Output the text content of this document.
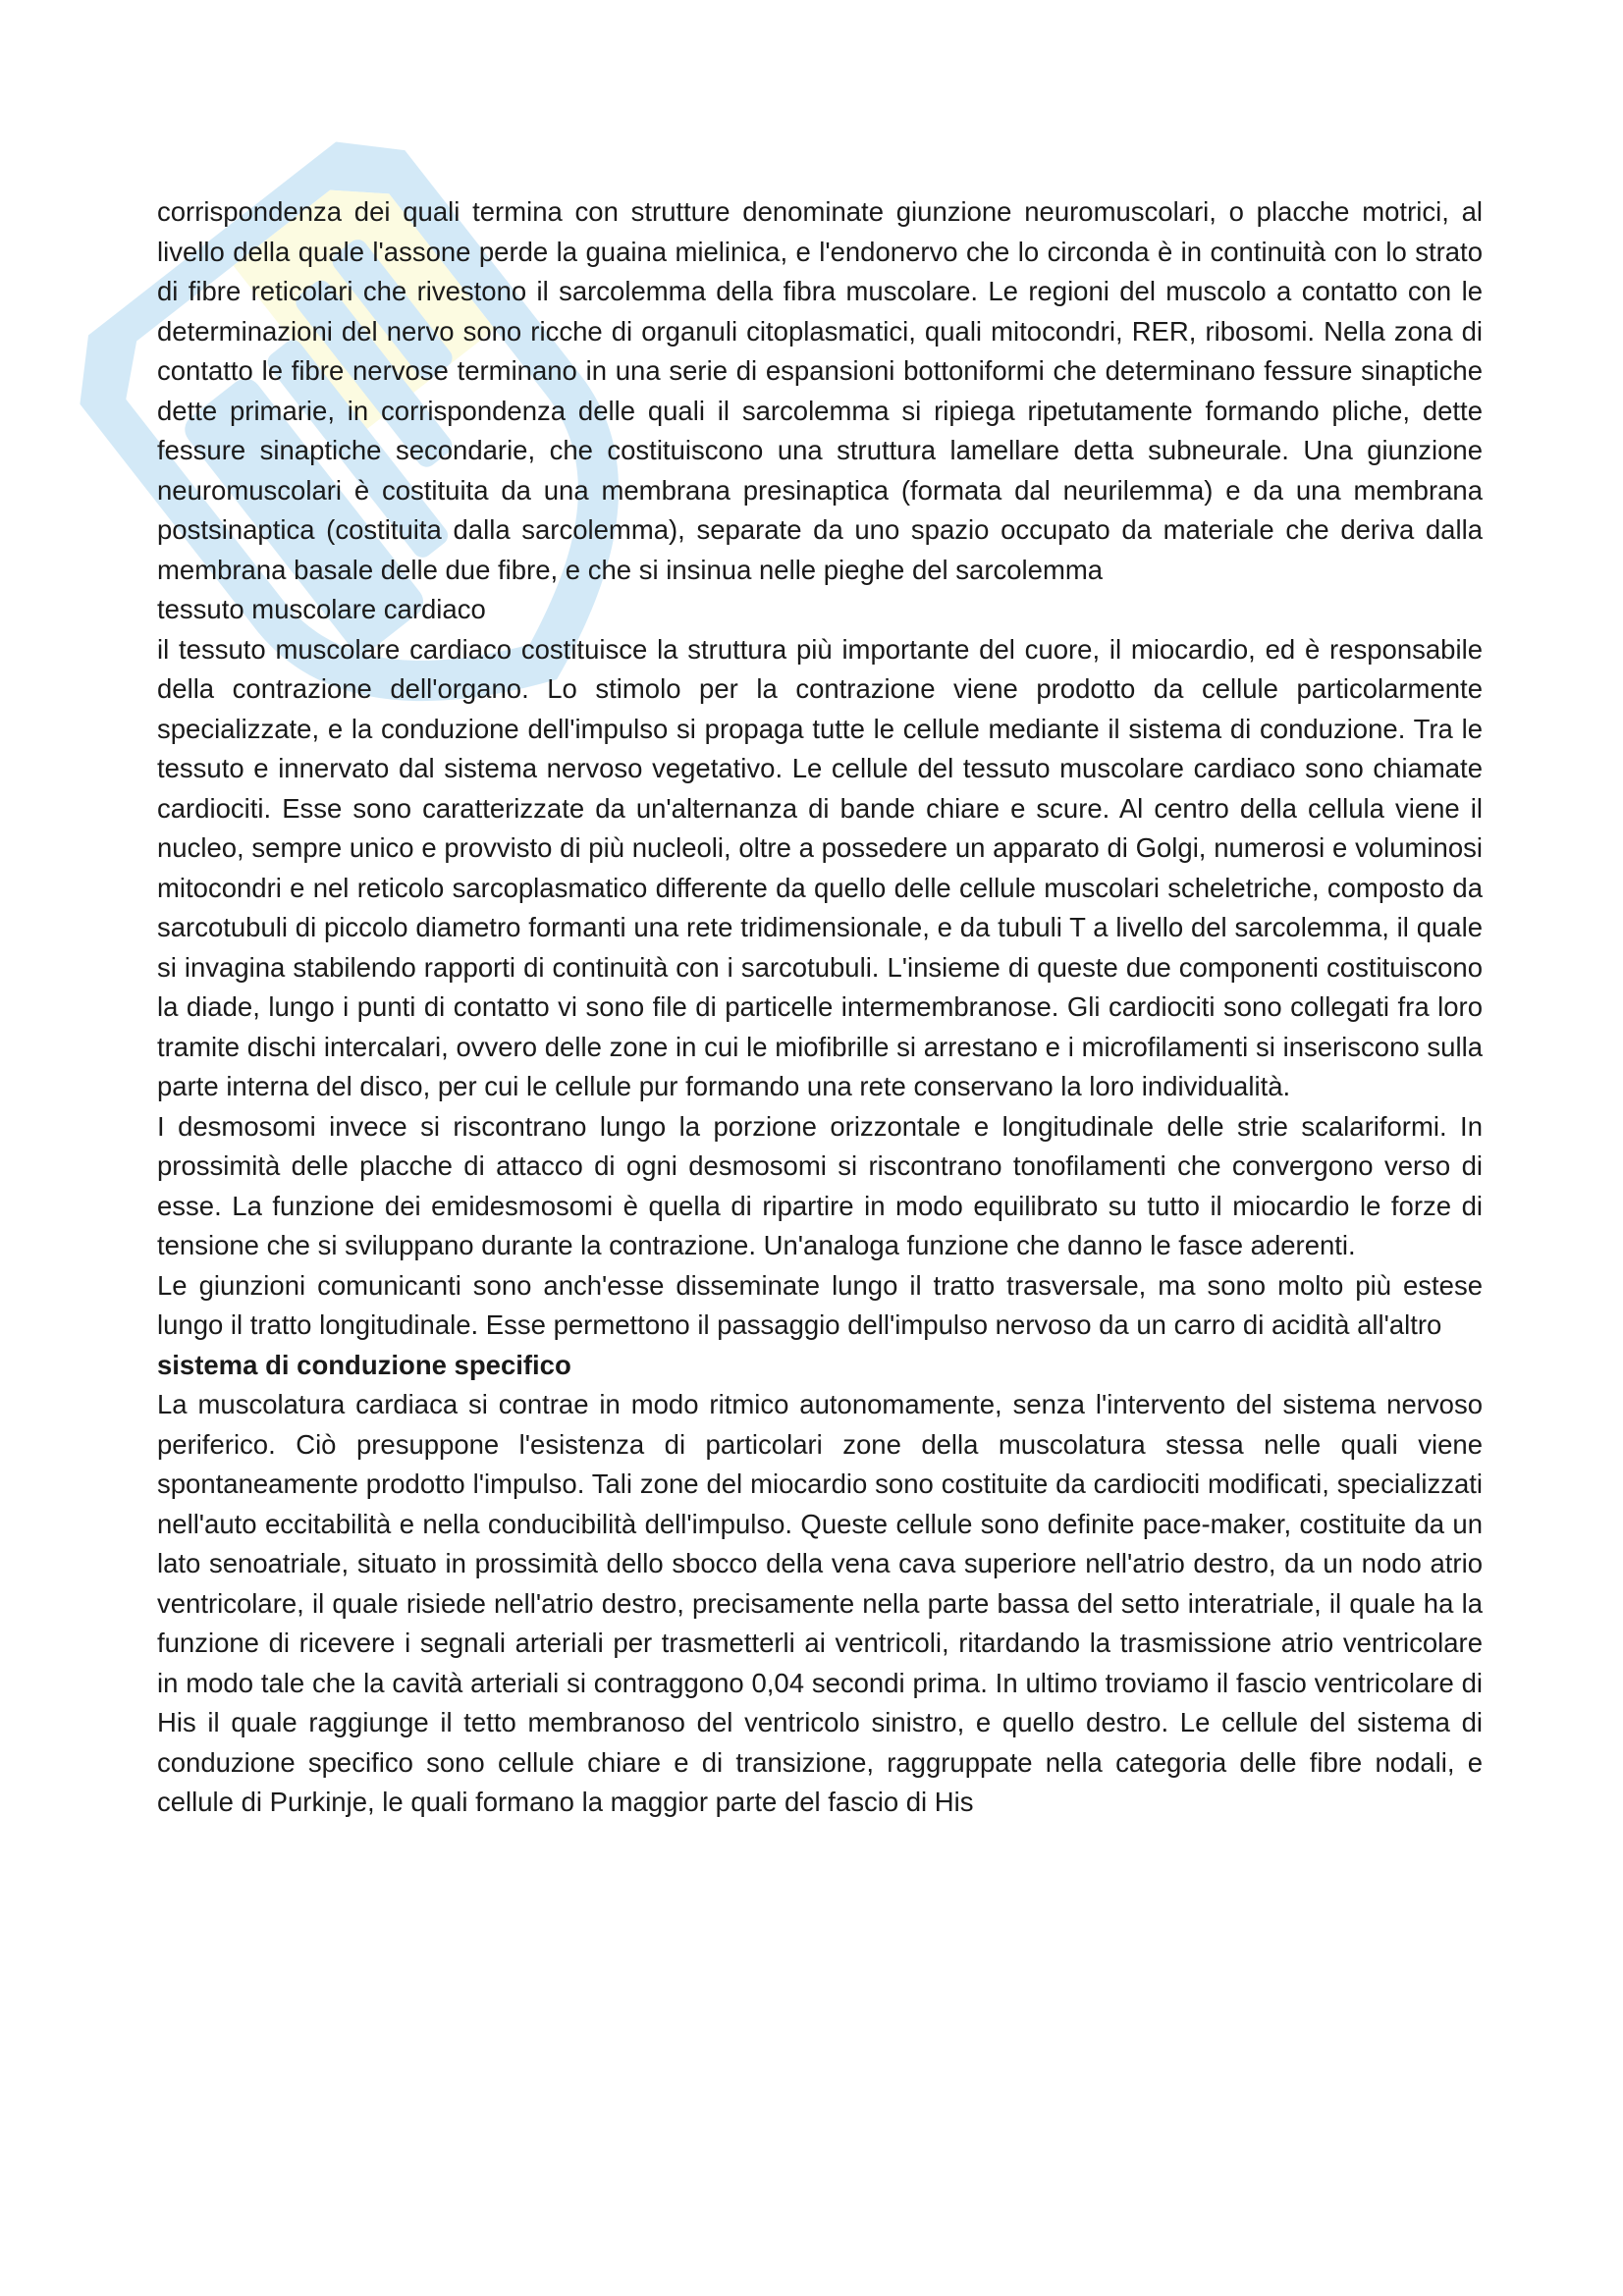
corrispondenza dei quali termina con strutture denominate giunzione neuromuscolari, o placche motrici, al livello della quale l'assone perde la guaina mielinica, e l'endonervo che lo circonda è in continuità con lo strato di fibre reticolari che rivestono il sarcolemma della fibra muscolare. Le regioni del muscolo a contatto con le determinazioni del nervo sono ricche di organuli citoplasmatici, quali mitocondri, RER, ribosomi. Nella zona di contatto le fibre nervose terminano in una serie di espansioni bottoniformi che determinano fessure sinaptiche dette primarie, in corrispondenza delle quali il sarcolemma si ripiega ripetutamente formando pliche, dette fessure sinaptiche secondarie, che costituiscono una struttura lamellare detta subneurale. Una giunzione neuromuscolari è costituita da una membrana presinaptica (formata dal neurilemma) e da una membrana postsinaptica (costituita dalla sarcolemma), separate da uno spazio occupato da materiale che deriva dalla membrana basale delle due fibre, e che si insinua nelle pieghe del sarcolemma

tessuto muscolare cardiaco

il tessuto muscolare cardiaco costituisce la struttura più importante del cuore, il miocardio, ed è responsabile della contrazione dell'organo. Lo stimolo per la contrazione viene prodotto da cellule particolarmente specializzate, e la conduzione dell'impulso si propaga tutte le cellule mediante il sistema di conduzione. Tra le tessuto e innervato dal sistema nervoso vegetativo. Le cellule del tessuto muscolare cardiaco sono chiamate cardiociti. Esse sono caratterizzate da un'alternanza di bande chiare e scure. Al centro della cellula viene il nucleo, sempre unico e provvisto di più nucleoli, oltre a possedere un apparato di Golgi, numerosi e voluminosi mitocondri e nel reticolo sarcoplasmatico differente da quello delle cellule muscolari scheletriche, composto da sarcotubuli di piccolo diametro formanti una rete tridimensionale, e da tubuli T a livello del sarcolemma, il quale si invagina stabilendo rapporti di continuità con i sarcotubuli. L'insieme di queste due componenti costituiscono la diade, lungo i punti di contatto vi sono file di particelle intermembranose. Gli cardiociti sono collegati fra loro tramite dischi intercalari, ovvero delle zone in cui le miofibrille si arrestano e i microfilamenti si inseriscono sulla parte interna del disco, per cui le cellule pur formando una rete conservano la loro individualità.

I desmosomi invece si riscontrano lungo la porzione orizzontale e longitudinale delle strie scalariformi. In prossimità delle placche di attacco di ogni desmosomi si riscontrano tonofilamenti che convergono verso di esse. La funzione dei emidesmosomi è quella di ripartire in modo equilibrato su tutto il miocardio le forze di tensione che si sviluppano durante la contrazione. Un'analoga funzione che danno le fasce aderenti.

Le giunzioni comunicanti sono anch'esse disseminate lungo il tratto trasversale, ma sono molto più estese lungo il tratto longitudinale. Esse permettono il passaggio dell'impulso nervoso da un carro di acidità all'altro

sistema di conduzione specifico

La muscolatura cardiaca si contrae in modo ritmico autonomamente, senza l'intervento del sistema nervoso periferico. Ciò presuppone l'esistenza di particolari zone della muscolatura stessa nelle quali viene spontaneamente prodotto l'impulso. Tali zone del miocardio sono costituite da cardiociti modificati, specializzati nell'auto eccitabilità e nella conducibilità dell'impulso. Queste cellule sono definite pace-maker, costituite da un lato senoatriale, situato in prossimità dello sbocco della vena cava superiore nell'atrio destro, da un nodo atrio ventricolare, il quale risiede nell'atrio destro, precisamente nella parte bassa del setto interatriale, il quale ha la funzione di ricevere i segnali arteriali per trasmetterli ai ventricoli, ritardando la trasmissione atrio ventricolare in modo tale che la cavità arteriali si contraggono 0,04 secondi prima. In ultimo troviamo il fascio ventricolare di His il quale raggiunge il tetto membranoso del ventricolo sinistro, e quello destro. Le cellule del sistema di conduzione specifico sono cellule chiare e di transizione, raggruppate nella categoria delle fibre nodali, e cellule di Purkinje, le quali formano la maggior parte del fascio di His
